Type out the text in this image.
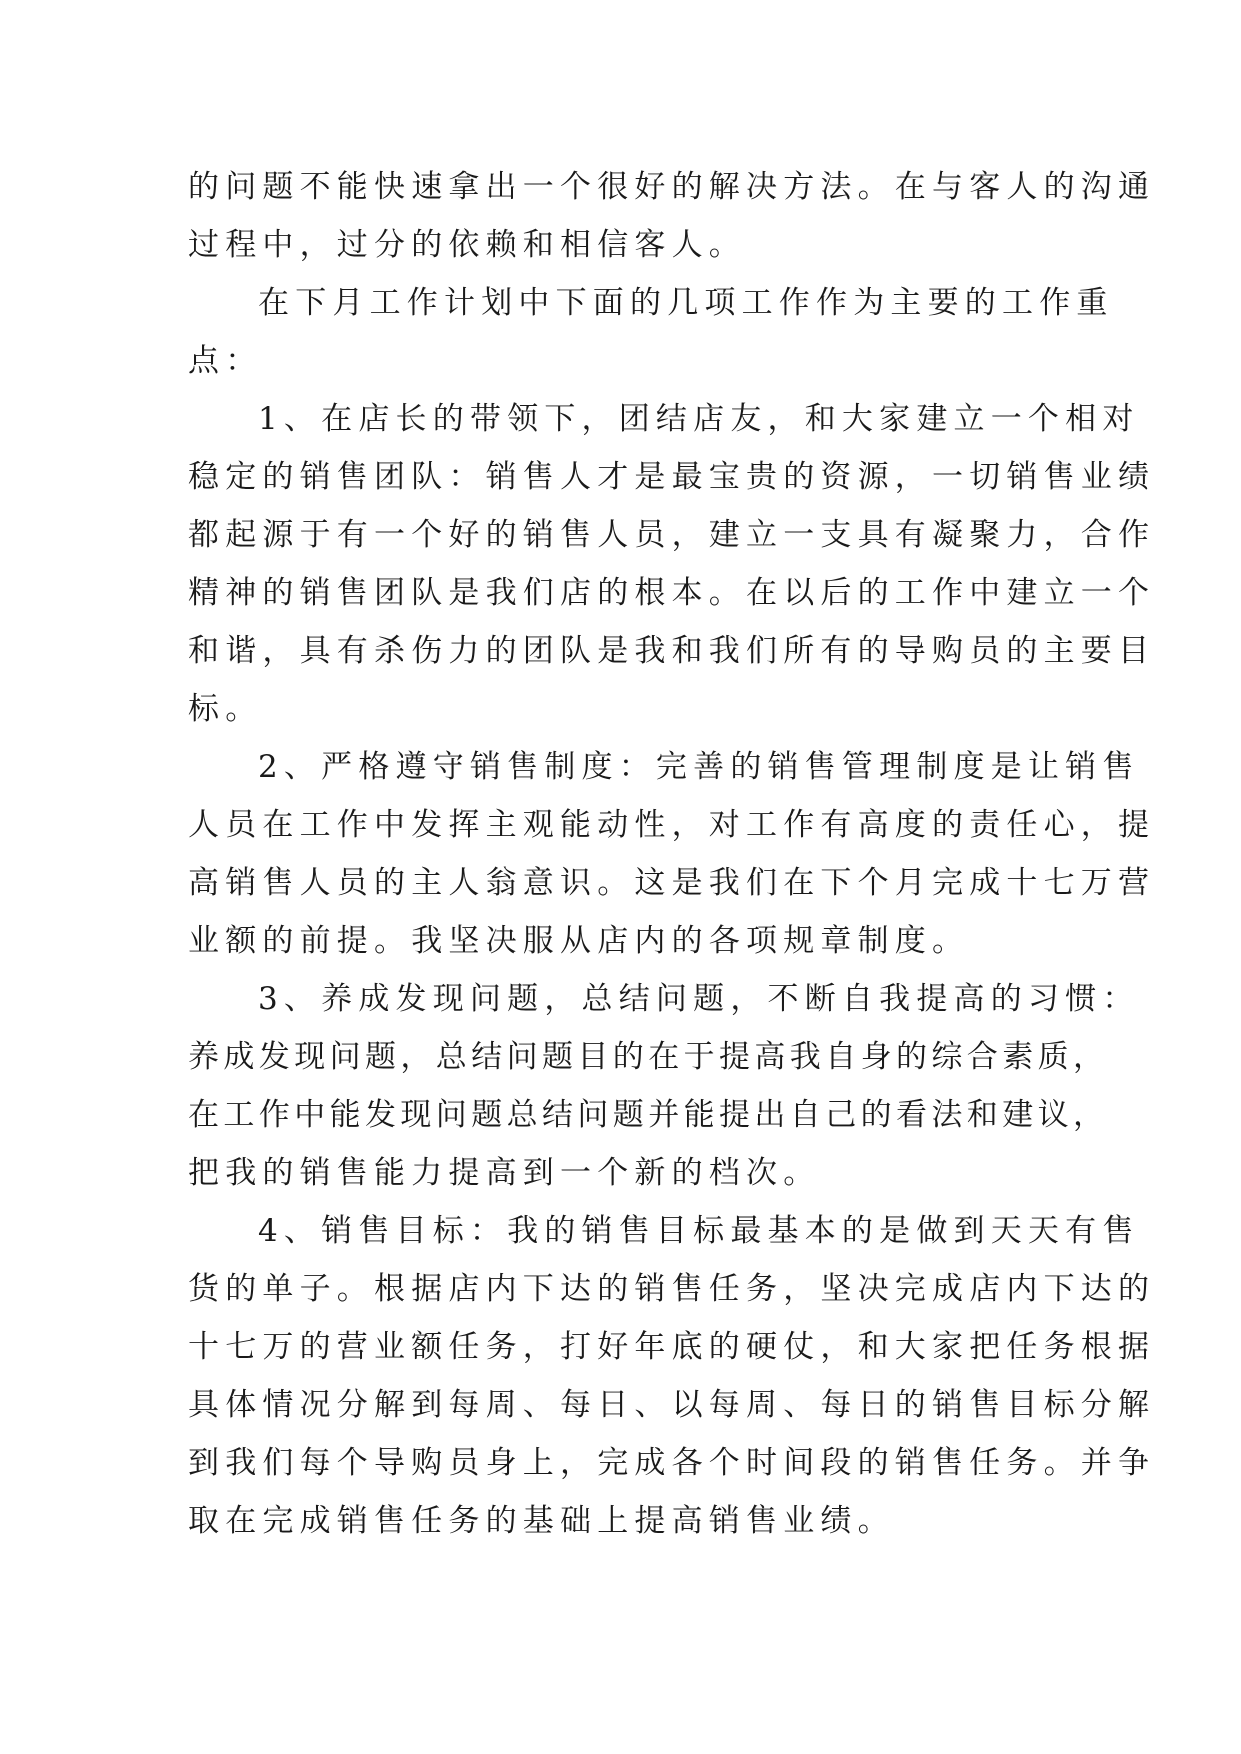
的问题不能快速拿出一个很好的解决方法。在与客人的沟通
过程中，过分的依赖和相信客人。
在下月工作计划中下面的几项工作作为主要的工作重
点：
1、在店长的带领下，团结店友，和大家建立一个相对
稳定的销售团队：销售人才是最宝贵的资源，一切销售业绩
都起源于有一个好的销售人员，建立一支具有凝聚力，合作
精神的销售团队是我们店的根本。在以后的工作中建立一个
和谐，具有杀伤力的团队是我和我们所有的导购员的主要目
标。
2、严格遵守销售制度：完善的销售管理制度是让销售
人员在工作中发挥主观能动性，对工作有高度的责任心，提
高销售人员的主人翁意识。这是我们在下个月完成十七万营
业额的前提。我坚决服从店内的各项规章制度。
3、养成发现问题，总结问题，不断自我提高的习惯：
养成发现问题，总结问题目的在于提高我自身的综合素质，
在工作中能发现问题总结问题并能提出自己的看法和建议，
把我的销售能力提高到一个新的档次。
4、销售目标：我的销售目标最基本的是做到天天有售
货的单子。根据店内下达的销售任务，坚决完成店内下达的
十七万的营业额任务，打好年底的硬仗，和大家把任务根据
具体情况分解到每周、每日、以每周、每日的销售目标分解
到我们每个导购员身上，完成各个时间段的销售任务。并争
取在完成销售任务的基础上提高销售业绩。
